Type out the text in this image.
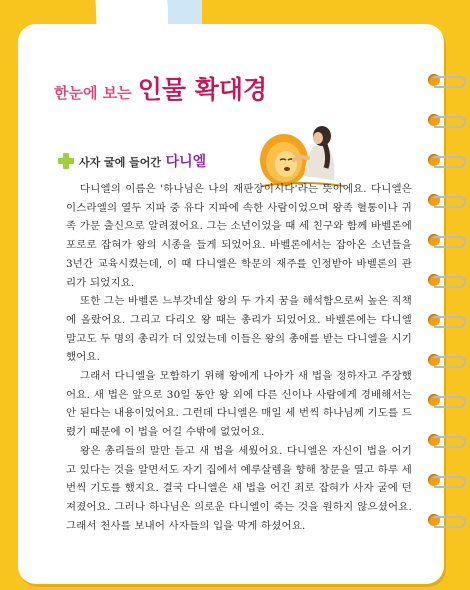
한눈에 보는 인물 확대경
사자 굴에 들어간 다니엘

다니엘의 이름은 '하나님은 나의 재판장이시다'라는 뜻이에요. 다니엘은 이스라엘의 열두 지파 중 유다 지파에 속한 사람이었으며 왕족 혈통이나 귀족 가문 출신으로 알려졌어요. 그는 소년이었을 때 세 친구와 함께 바벨론에 포로로 잡혀가 왕의 시종을 들게 되었어요. 바벨론에서는 잡아온 소년들을 3년간 교육시켰는데, 이 때 다니엘은 학문의 재주를 인정받아 바벨론의 관리가 되었지요.

또한 그는 바벨론 느부갓네살 왕의 두 가지 꿈을 해석함으로써 높은 직책에 올랐어요. 그리고 다리오 왕 때는 총리가 되었어요. 바벨론에는 다니엘 말고도 두 명의 총리가 더 있었는데 이들은 왕의 총애를 받는 다니엘을 시기했어요.

그래서 다니엘을 모함하기 위해 왕에게 나아가 새 법을 정하자고 주장했어요. 새 법은 앞으로 30일 동안 왕 외에 다른 신이나 사람에게 경배해서는 안 된다는 내용이었어요. 그런데 다니엘은 매일 세 번씩 하나님께 기도를 드렸기 때문에 이 법을 어길 수밖에 없었어요.

왕은 총리들의 말만 듣고 새 법을 세웠어요. 다니엘은 자신이 법을 어기고 있다는 것을 알면서도 자기 집에서 예루살렘을 향해 창문을 열고 하루 세 번씩 기도를 했지요. 결국 다니엘은 새 법을 어긴 죄로 잡혀가 사자 굴에 던져졌어요. 그러나 하나님은 의로운 다니엘이 죽는 것을 원하지 않으셨어요. 그래서 천사를 보내어 사자들의 입을 막게 하셨어요.
